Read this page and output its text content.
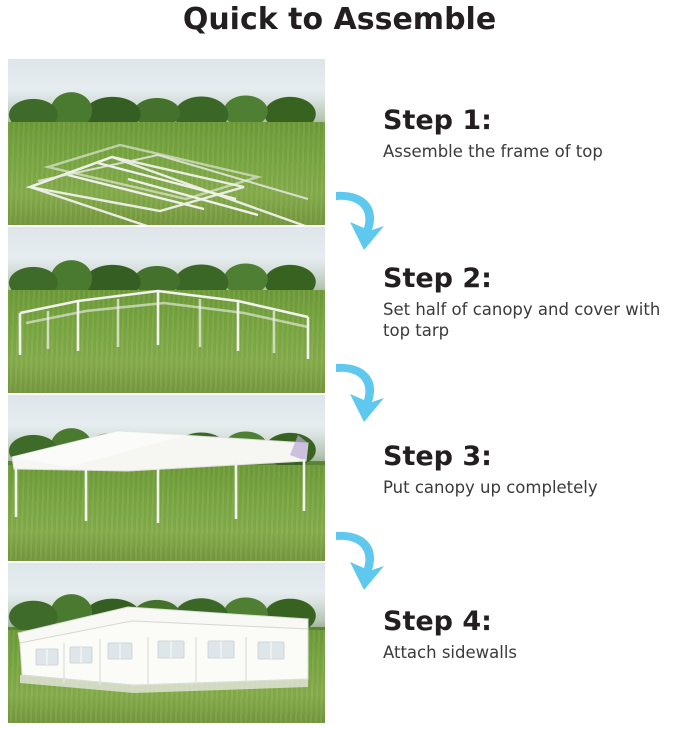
Quick to Assemble

Step 1:

Assemble the frame of top

Step 2:

Set half of canopy and cover with top tarp

Step 3:

Put canopy up completely

Step 4:

Attach sidewalls
